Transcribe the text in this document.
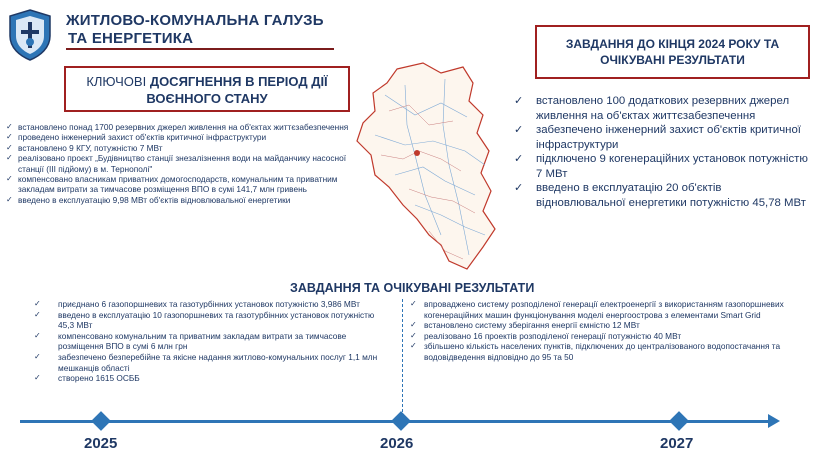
ЖИТЛОВО-КОМУНАЛЬНА ГАЛУЗЬ
ТА ЕНЕРГЕТИКА
КЛЮЧОВІ ДОСЯГНЕННЯ В ПЕРІОД ДІЇ
ВОЄННОГО СТАНУ
ЗАВДАННЯ ДО КІНЦЯ 2024 РОКУ ТА
ОЧІКУВАНІ РЕЗУЛЬТАТИ
✓ встановлено понад 1700 резервних джерел живлення на об'єктах життєзабезпечення
✓ проведено інженерний захист об'єктів критичної інфраструктури
✓ встановлено 9 КГУ, потужністю 7 МВт
✓ реалізовано проєкт „Будівництво станції знезалізнення води на майданчику насосної станції (ІІІ підйому) в м. Тернополі"
✓ компенсовано власникам приватних домогосподарств, комунальним та приватним закладам витрати за тимчасове розміщення ВПО в сумі 141,7 млн гривень
✓ введено в експлуатацію 9,98 МВт об'єктів відновлювальної енергетики
✓ встановлено 100 додаткових резервних джерел живлення на об'єктах життєзабезпечення
✓ забезпечено інженерний захист об'єктів критичної інфраструктури
✓ підключено 9 когенераційних установок потужністю 7 МВт
✓ введено в експлуатацію 20 об'єктів відновлювальної енергетики потужністю 45,78 МВт
ЗАВДАННЯ ТА ОЧІКУВАНІ РЕЗУЛЬТАТИ
✓ приєднано 6 газопоршневих та газотурбінних установок потужністю 3,986 МВт
✓ введено в експлуатацію 10 газопоршневих та газотурбінних установок потужністю 45,3 МВт
✓ компенсовано комунальним та приватним закладам витрати за тимчасове розміщення ВПО в сумі 6 млн грн
✓ забезпечено безперебійне та якісне надання житлово-комунальних послуг 1,1 млн мешканців області
✓ створено 1615 ОСББ
✓ впроваджено систему розподіленої генерації електроенергії з використанням газопоршневих когенераційних машин функціонування моделі енергоострова з елементами Smart Grid
✓ встановлено систему зберігання енергії ємністю 12 МВт
✓ реалізовано 16 проектів розподіленої генерації потужністю 40 МВт
✓ збільшено кількість населених пунктів, підключених до централізованого водопостачання та водовідведення відповідно до 95 та 50
2025	2026	2027
